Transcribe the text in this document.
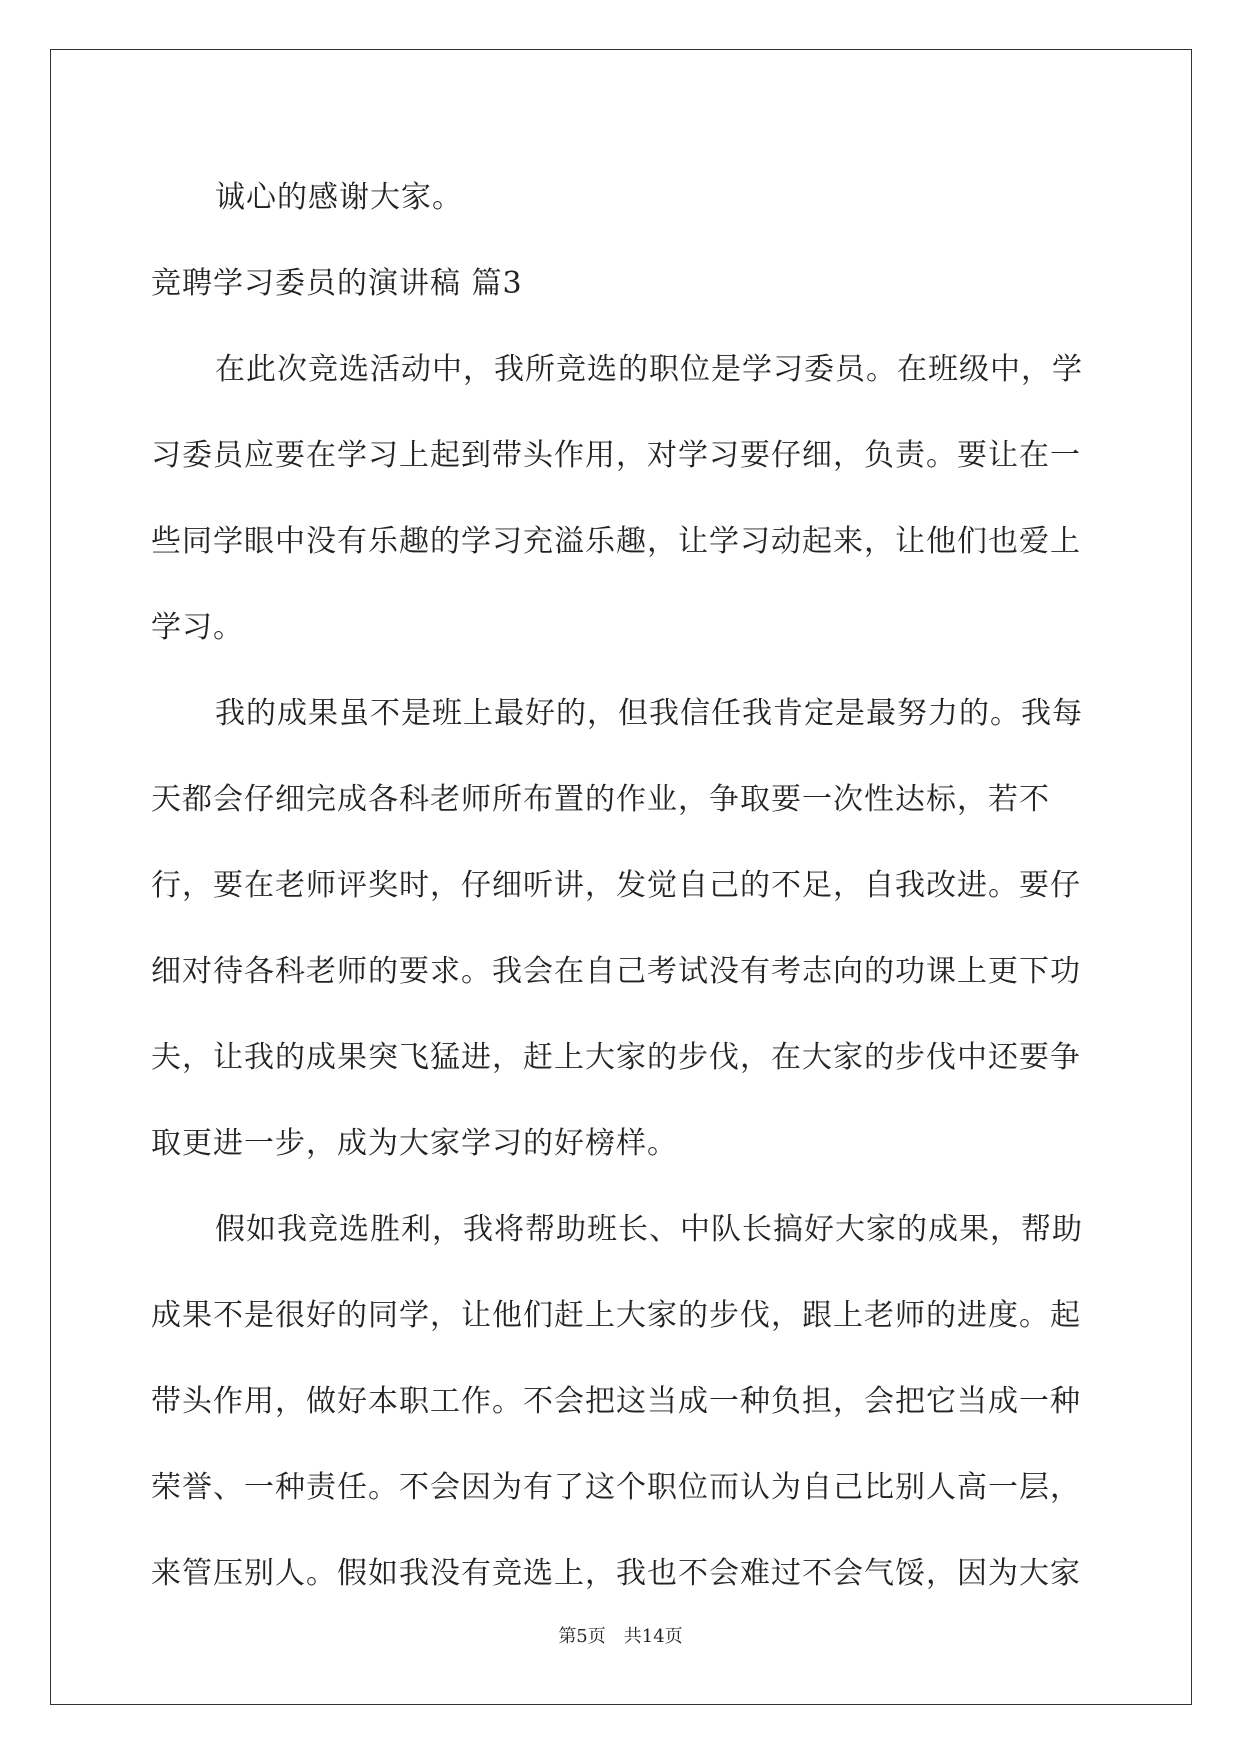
诚心的感谢大家。

竞聘学习委员的演讲稿 篇3

在此次竞选活动中，我所竞选的职位是学习委员。在班级中，学习委员应要在学习上起到带头作用，对学习要仔细，负责。要让在一些同学眼中没有乐趣的学习充溢乐趣，让学习动起来，让他们也爱上学习。

我的成果虽不是班上最好的，但我信任我肯定是最努力的。我每天都会仔细完成各科老师所布置的作业，争取要一次性达标，若不行，要在老师评奖时，仔细听讲，发觉自己的不足，自我改进。要仔细对待各科老师的要求。我会在自己考试没有考志向的功课上更下功夫，让我的成果突飞猛进，赶上大家的步伐，在大家的步伐中还要争取更进一步，成为大家学习的好榜样。

假如我竞选胜利，我将帮助班长、中队长搞好大家的成果，帮助成果不是很好的同学，让他们赶上大家的步伐，跟上老师的进度。起带头作用，做好本职工作。不会把这当成一种负担，会把它当成一种荣誉、一种责任。不会因为有了这个职位而认为自己比别人高一层，来管压别人。假如我没有竞选上，我也不会难过不会气馁，因为大家

第5页 共14页
